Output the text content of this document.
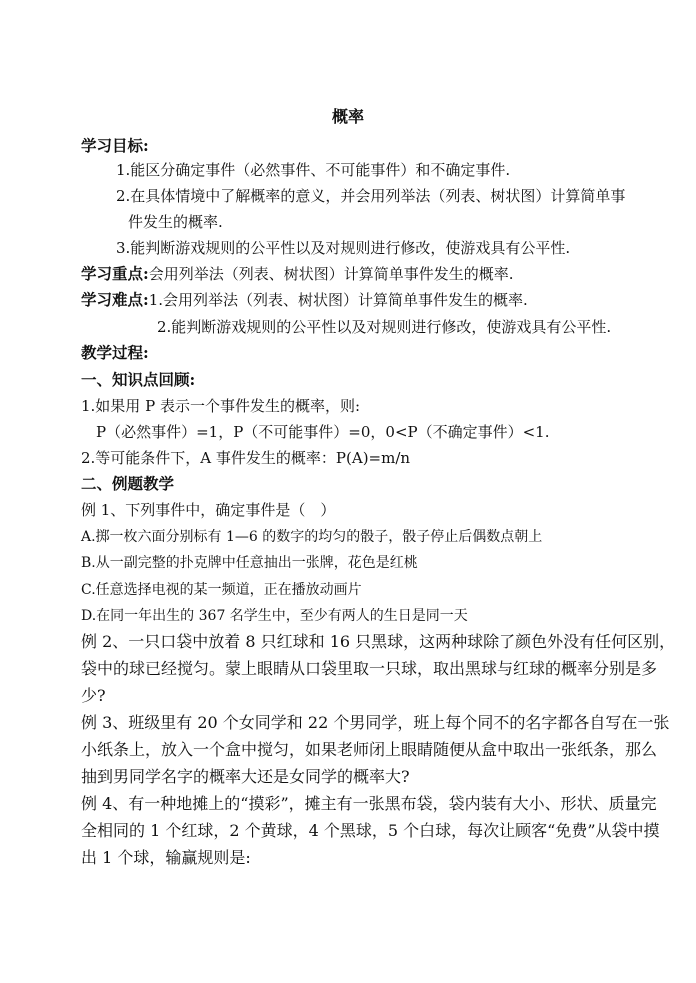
概率
学习目标:
1.能区分确定事件（必然事件、不可能事件）和不确定事件.
2.在具体情境中了解概率的意义，并会用列举法（列表、树状图）计算简单事
件发生的概率.
3.能判断游戏规则的公平性以及对规则进行修改，使游戏具有公平性.
学习重点:会用列举法（列表、树状图）计算简单事件发生的概率.
学习难点:1.会用列举法（列表、树状图）计算简单事件发生的概率.
2.能判断游戏规则的公平性以及对规则进行修改，使游戏具有公平性.
教学过程:
一、知识点回顾:
1.如果用 P 表示一个事件发生的概率，则:
P（必然事件）=1，P（不可能事件）=0，0<P（不确定事件）<1.
2.等可能条件下，A 事件发生的概率：P(A)=m/n
二、例题教学
例 1、下列事件中，确定事件是（　）
A.掷一枚六面分别标有 1—6 的数字的均匀的骰子，骰子停止后偶数点朝上
B.从一副完整的扑克牌中任意抽出一张牌，花色是红桃
C.任意选择电视的某一频道，正在播放动画片
D.在同一年出生的 367 名学生中，至少有两人的生日是同一天
例 2、一只口袋中放着 8 只红球和 16 只黑球，这两种球除了颜色外没有任何区别，
袋中的球已经搅匀。蒙上眼睛从口袋里取一只球，取出黑球与红球的概率分别是多
少?
例 3、班级里有 20 个女同学和 22 个男同学，班上每个同不的名字都各自写在一张
小纸条上，放入一个盒中搅匀，如果老师闭上眼睛随便从盒中取出一张纸条，那么
抽到男同学名字的概率大还是女同学的概率大?
例 4、有一种地摊上的“摸彩”，摊主有一张黑布袋，袋内装有大小、形状、质量完
全相同的 1 个红球，2 个黄球，4 个黑球，5 个白球，每次让顾客“免费”从袋中摸
出 1 个球，输赢规则是:
